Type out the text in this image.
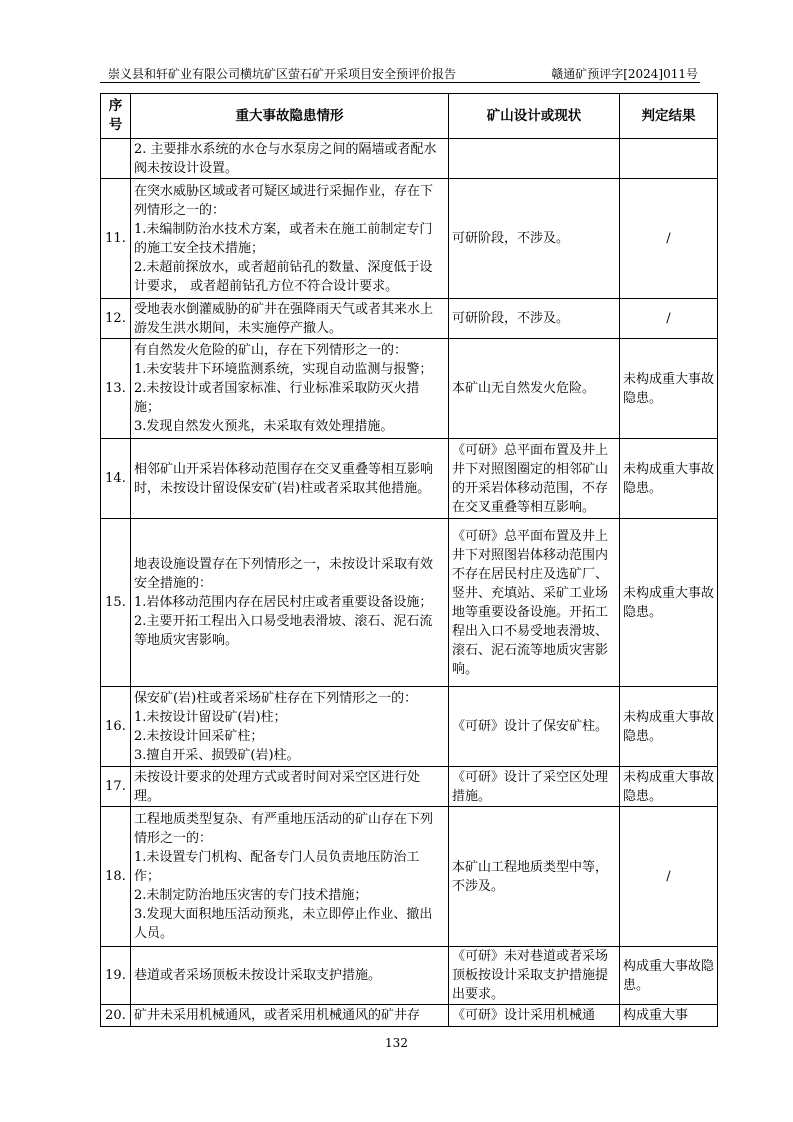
崇义县和轩矿业有限公司横坑矿区萤石矿开采项目安全预评价报告	赣通矿预评字[2024]011号
序号	重大事故隐患情形	矿山设计或现状	判定结果

	2. 主要排水系统的水仓与水泵房之间的隔墙或者配水阀未按设计设置。		

11.	在突水威胁区域或者可疑区域进行采掘作业，存在下列情形之一的：
1.未编制防治水技术方案，或者未在施工前制定专门的施工安全技术措施；
2.未超前探放水，或者超前钻孔的数量、深度低于设计要求， 或者超前钻孔方位不符合设计要求。	可研阶段，不涉及。	/
12.	受地表水倒灌威胁的矿井在强降雨天气或者其来水上游发生洪水期间，未实施停产撤人。	可研阶段，不涉及。	/
13.	有自然发火危险的矿山，存在下列情形之一的：
1.未安装井下环境监测系统，实现自动监测与报警；
2.未按设计或者国家标准、行业标准采取防灭火措施；
3.发现自然发火预兆，未采取有效处理措施。	本矿山无自然发火危险。	未构成重大事故隐患。
14.	相邻矿山开采岩体移动范围存在交叉重叠等相互影响时，未按设计留设保安矿(岩)柱或者采取其他措施。	《可研》总平面布置及井上井下对照图圈定的相邻矿山的开采岩体移动范围，不存在交叉重叠等相互影响。	未构成重大事故隐患。
15.	地表设施设置存在下列情形之一，未按设计采取有效安全措施的：
1.岩体移动范围内存在居民村庄或者重要设备设施；
2.主要开拓工程出入口易受地表滑坡、滚石、泥石流等地质灾害影响。	《可研》总平面布置及井上井下对照图岩体移动范围内不存在居民村庄及选矿厂、竖井、充填站、采矿工业场地等重要设备设施。开拓工程出入口不易受地表滑坡、滚石、泥石流等地质灾害影响。	未构成重大事故隐患。
16.	保安矿(岩)柱或者采场矿柱存在下列情形之一的：
1.未按设计留设矿(岩)柱；
2.未按设计回采矿柱；
3.擅自开采、损毁矿(岩)柱。	《可研》设计了保安矿柱。	未构成重大事故隐患。
17.	未按设计要求的处理方式或者时间对采空区进行处理。	《可研》设计了采空区处理措施。	未构成重大事故隐患。
18.	工程地质类型复杂、有严重地压活动的矿山存在下列情形之一的：
1.未设置专门机构、配备专门人员负责地压防治工作；
2.未制定防治地压灾害的专门技术措施；
3.发现大面积地压活动预兆，未立即停止作业、撤出人员。	本矿山工程地质类型中等，不涉及。	/
19.	巷道或者采场顶板未按设计采取支护措施。	《可研》未对巷道或者采场顶板按设计采取支护措施提出要求。	构成重大事故隐患。
20.	矿井未采用机械通风，或者采用机械通风的矿井存	《可研》设计采用机械通	构成重大事
132
